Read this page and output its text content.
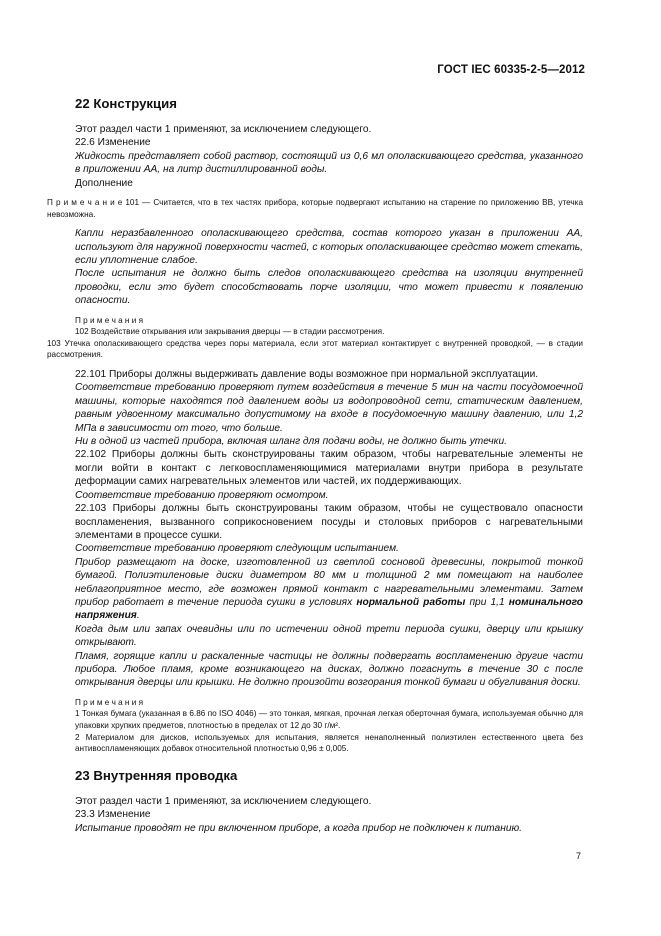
ГОСТ IEC 60335-2-5—2012
22 Конструкция

Этот раздел части 1 применяют, за исключением следующего.

22.6 Изменение

Жидкость представляет собой раствор, состоящий из 0,6 мл ополаскивающего средства, указанного в приложении АА, на литр дистиллированной воды.

Дополнение

П р и м е ч а н и е 101 — Считается, что в тех частях прибора, которые подвергают испытанию на старение по приложению ВВ, утечка невозможна.

Капли неразбавленного ополаскивающего средства, состав которого указан в приложении АА, используют для наружной поверхности частей, с которых ополаскивающее средство может стекать, если уплотнение слабое.

После испытания не должно быть следов ополаскивающего средства на изоляции внутренней проводки, если это будет способствовать порче изоляции, что может привести к появлению опасности.

П р и м е ч а н и я

102 Воздействие открывания или закрывания дверцы — в стадии рассмотрения.

103 Утечка ополаскивающего средства через поры материала, если этот материал контактирует с внутренней проводкой, — в стадии рассмотрения.

22.101 Приборы должны выдерживать давление воды возможное при нормальной эксплуатации.

Соответствие требованию проверяют путем воздействия в течение 5 мин на части посудомоечной машины, которые находятся под давлением воды из водопроводной сети, статическим давлением, равным удвоенному максимально допустимому на входе в посудомоечную машину давлению, или 1,2 МПа в зависимости от того, что больше.

Ни в одной из частей прибора, включая шланг для подачи воды, не должно быть утечки.

22.102 Приборы должны быть сконструированы таким образом, чтобы нагревательные элементы не могли войти в контакт с легковоспламеняющимися материалами внутри прибора в результате деформации самих нагревательных элементов или частей, их поддерживающих.

Соответствие требованию проверяют осмотром.

22.103 Приборы должны быть сконструированы таким образом, чтобы не существовало опасности воспламенения, вызванного соприкосновением посуды и столовых приборов с нагревательными элементами в процессе сушки.

Соответствие требованию проверяют следующим испытанием.

Прибор размещают на доске, изготовленной из светлой сосновой древесины, покрытой тонкой бумагой. Полиэтиленовые диски диаметром 80 мм и толщиной 2 мм помещают на наиболее неблагоприятное место, где возможен прямой контакт с нагревательными элементами. Затем прибор работает в течение периода сушки в условиях нормальной работы при 1,1 номинального напряжения.

Когда дым или запах очевидны или по истечении одной трети периода сушки, дверцу или крышку открывают.

Пламя, горящие капли и раскаленные частицы не должны подвергать воспламенению другие части прибора. Любое пламя, кроме возникающего на дисках, должно погаснуть в течение 30 с после открывания дверцы или крышки. Не должно произойти возгорания тонкой бумаги и обугливания доски.

П р и м е ч а н и я

1 Тонкая бумага (указанная в 6.86 по ISO 4046) — это тонкая, мягкая, прочная легкая оберточная бумага, используемая обычно для упаковки хрупких предметов, плотностью в пределах от 12 до 30 г/м².

2 Материалом для дисков, используемых для испытания, является ненаполненный полиэтилен естественного цвета без антивоспламеняющих добавок относительной плотностью 0,96 ± 0,005.

23 Внутренняя проводка

Этот раздел части 1 применяют, за исключением следующего.

23.3 Изменение

Испытание проводят не при включенном приборе, а когда прибор не подключен к питанию.

7
